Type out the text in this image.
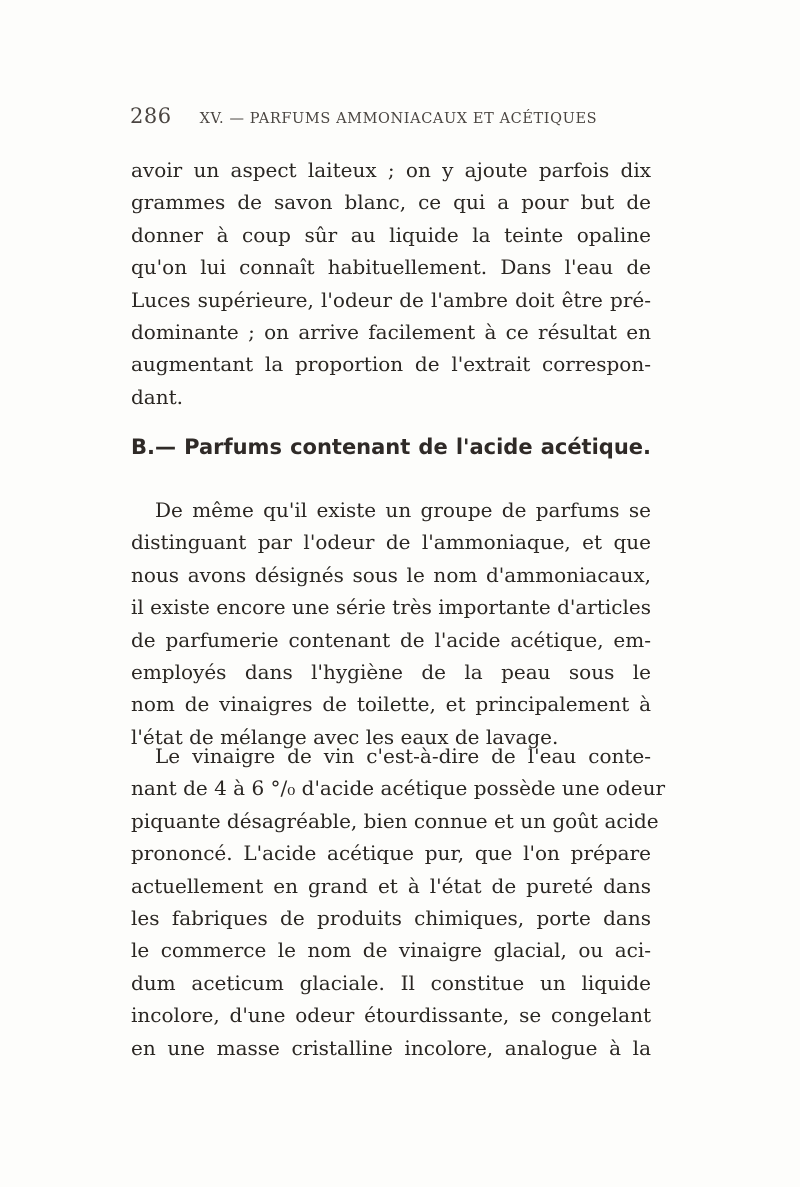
286 XV. — PARFUMS AMMONIACAUX ET ACÉTIQUES
avoir un aspect laiteux ; on y ajoute parfois dix
grammes de savon blanc, ce qui a pour but de
donner à coup sûr au liquide la teinte opaline
qu'on lui connaît habituellement. Dans l'eau de
Luces supérieure, l'odeur de l'ambre doit être pré-
dominante ; on arrive facilement à ce résultat en
augmentant la proportion de l'extrait correspon-
dant.
B.— Parfums contenant de l'acide acétique.
De même qu'il existe un groupe de parfums se
distinguant par l'odeur de l'ammoniaque, et que
nous avons désignés sous le nom d'ammoniacaux,
il existe encore une série très importante d'articles
de parfumerie contenant de l'acide acétique, em-
employés dans l'hygiène de la peau sous le
nom de vinaigres de toilette, et principalement à
l'état de mélange avec les eaux de lavage.
Le vinaigre de vin c'est-à-dire de l'eau conte-
nant de 4 à 6 °/₀ d'acide acétique possède une odeur
piquante désagréable, bien connue et un goût acide
prononcé. L'acide acétique pur, que l'on prépare
actuellement en grand et à l'état de pureté dans
les fabriques de produits chimiques, porte dans
le commerce le nom de vinaigre glacial, ou aci-
dum aceticum glaciale. Il constitue un liquide
incolore, d'une odeur étourdissante, se congelant
en une masse cristalline incolore, analogue à la
